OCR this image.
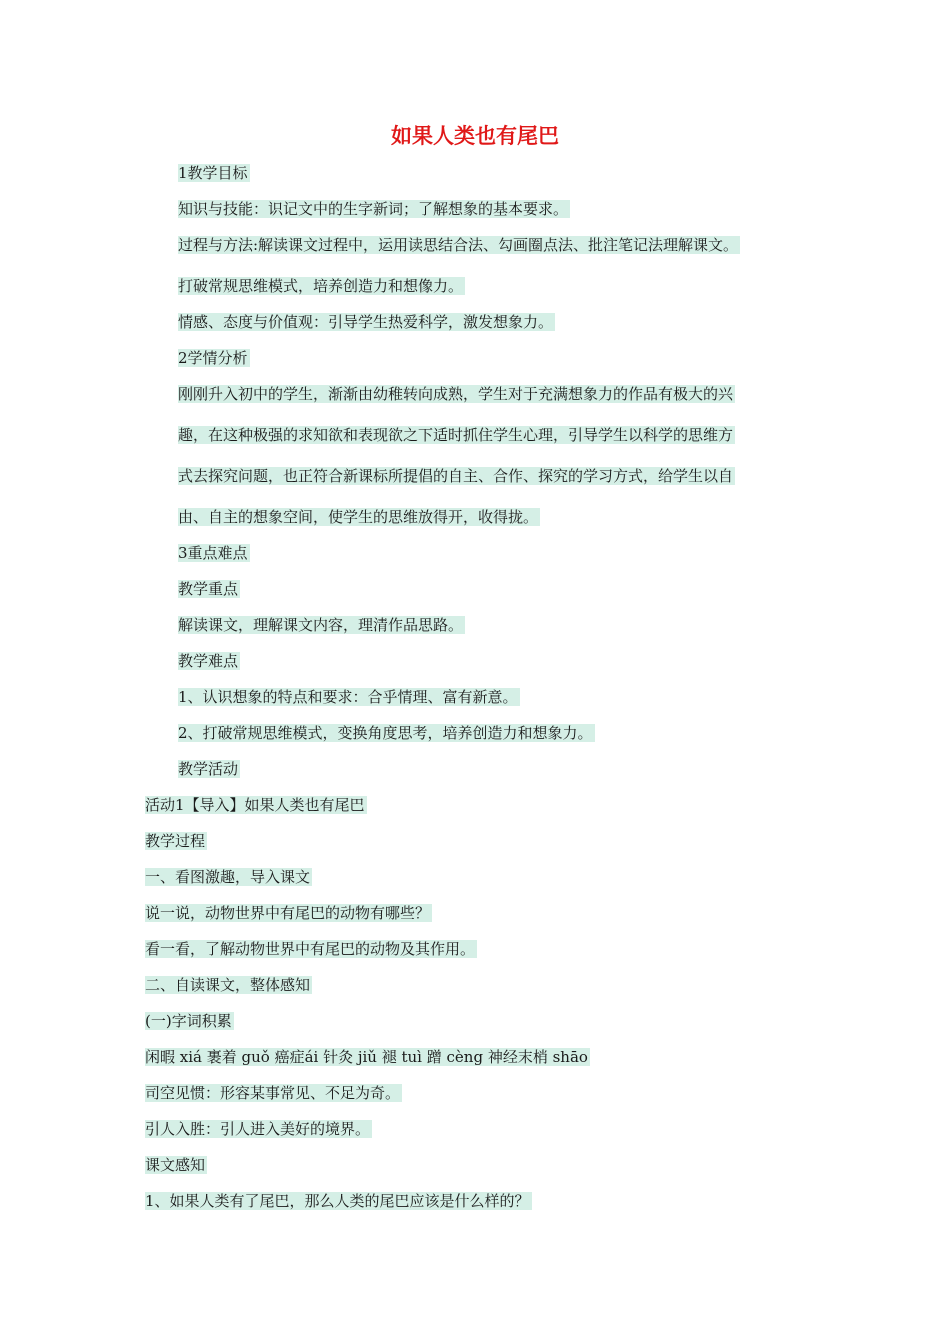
如果人类也有尾巴
1教学目标
知识与技能：识记文中的生字新词；了解想象的基本要求。
过程与方法:解读课文过程中，运用读思结合法、勾画圈点法、批注笔记法理解课文。
打破常规思维模式，培养创造力和想像力。
情感、态度与价值观：引导学生热爱科学，激发想象力。
2学情分析
刚刚升入初中的学生，渐渐由幼稚转向成熟，学生对于充满想象力的作品有极大的兴
趣，在这种极强的求知欲和表现欲之下适时抓住学生心理，引导学生以科学的思维方
式去探究问题，也正符合新课标所提倡的自主、合作、探究的学习方式，给学生以自
由、自主的想象空间，使学生的思维放得开，收得拢。
3重点难点
教学重点
解读课文，理解课文内容，理清作品思路。
教学难点
1、认识想象的特点和要求：合乎情理、富有新意。
2、打破常规思维模式，变换角度思考，培养创造力和想象力。
教学活动
活动1【导入】如果人类也有尾巴
教学过程
一、看图激趣，导入课文
说一说，动物世界中有尾巴的动物有哪些？
看一看，了解动物世界中有尾巴的动物及其作用。
二、自读课文，整体感知
(一)字词积累
闲暇 xiá 裹着 guǒ 癌症ái 针灸 jiǔ 褪 tuì 蹭 cèng 神经末梢 shāo
司空见惯：形容某事常见、不足为奇。
引人入胜：引人进入美好的境界。
课文感知
1、如果人类有了尾巴，那么人类的尾巴应该是什么样的？
